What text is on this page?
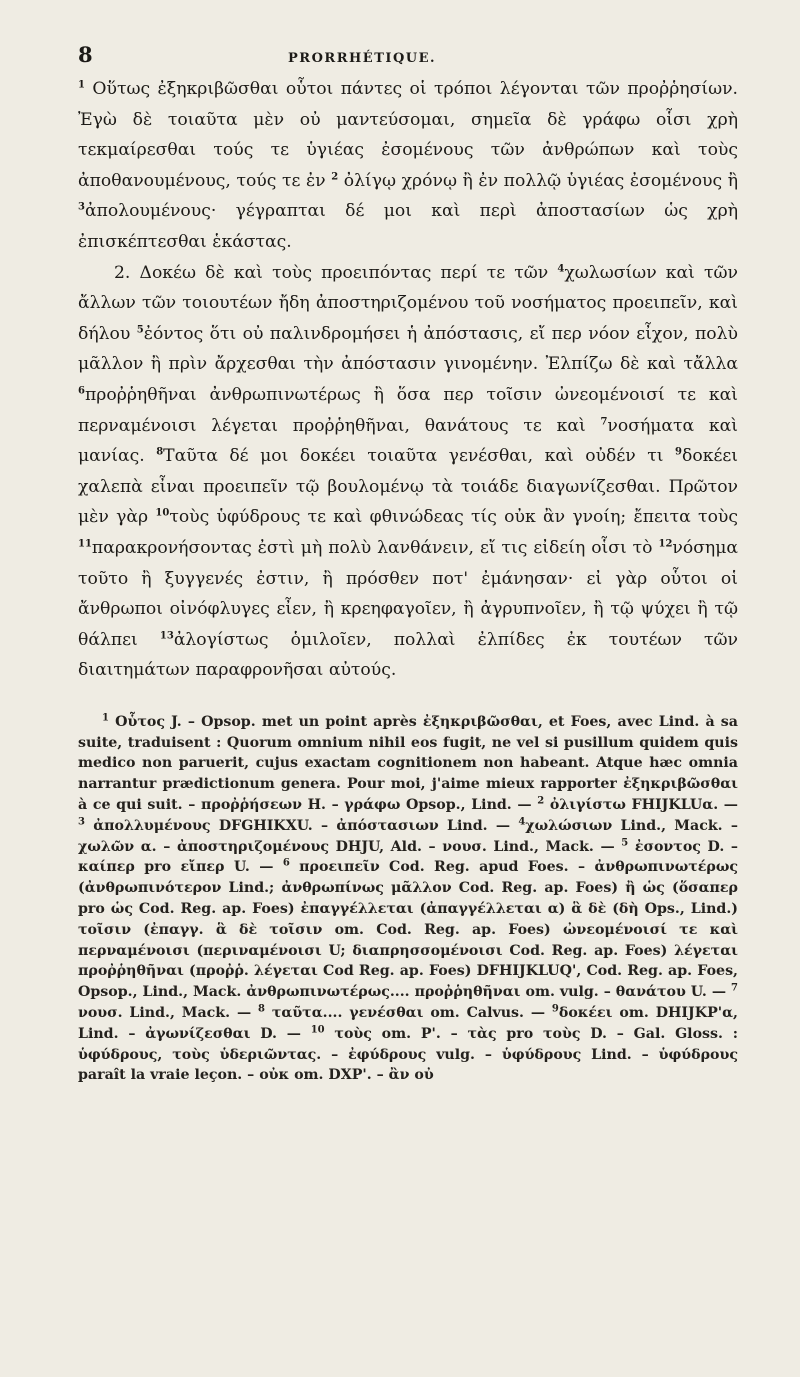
8	PRORRHÉTIQUE.

$^1$ Οὕτως ἐξηκριβῶσθαι οὗτοι πάντες οἱ τρόποι λέγονται τῶν προῤῥησίων. Ἐγὼ δὲ τοιαῦτα μὲν οὐ μαντεύσομαι, σημεῖα δὲ γράφω οἷσι χρὴ τεκμαίρεσθαι τούς τε ὑγιέας ἐσομένους τῶν ἀνθρώπων καὶ τοὺς ἀποθανουμένους, τούς τε ἐν $^2$ ὀλίγῳ χρόνῳ ἢ ἐν πολλῷ ὑγιέας ἐσομένους ἢ $^3$ἀπολουμένους· γέγραπται δέ μοι καὶ περὶ ἀποστασίων ὡς χρὴ ἐπισκέπτεσθαι ἑκάστας.

2. Δοκέω δὲ καὶ τοὺς προειπόντας περί τε τῶν $^4$χωλωσίων καὶ τῶν ἄλλων τῶν τοιουτέων ἤδη ἀποστηριζομένου τοῦ νοσήματος προειπεῖν, καὶ δήλου $^5$ἐόντος ὅτι οὐ παλινδρομήσει ἡ ἀπόστασις, εἴ περ νόον εἶχον, πολὺ μᾶλλον ἢ πρὶν ἄρχεσθαι τὴν ἀπόστασιν γινομένην. Ἐλπίζω δὲ καὶ τἄλλα $^6$προῤῥηθῆναι ἀνθρωπινωτέρως ἢ ὅσα περ τοῖσιν ὠνεομένοισί τε καὶ περναμένοισι λέγεται προῤῥηθῆναι, θανάτους τε καὶ $^7$νοσήματα καὶ μανίας. $^8$Ταῦτα δέ μοι δοκέει τοιαῦτα γενέσθαι, καὶ οὐδέν τι $^9$δοκέει χαλεπὰ εἶναι προειπεῖν τῷ βουλομένῳ τὰ τοιάδε διαγωνίζεσθαι. Πρῶτον μὲν γὰρ $^{10}$τοὺς ὑφύδρους τε καὶ φθινώδεας τίς οὐκ ἂν γνοίη; ἔπειτα τοὺς $^{11}$παρακρονήσοντας ἐστὶ μὴ πολὺ λανθάνειν, εἴ τις εἰδείη οἷσι τὸ $^{12}$νόσημα τοῦτο ἢ ξυγγενές ἐστιν, ἢ πρόσθεν ποτ' ἐμάνησαν· εἰ γὰρ οὗτοι οἱ ἄνθρωποι οἰνόφλυγες εἶεν, ἢ κρεηφαγοῖεν, ἢ ἀγρυπνοῖεν, ἢ τῷ ψύχει ἢ τῷ θάλπει $^{13}$ἀλογίστως ὁμιλοῖεν, πολλαὶ ἐλπίδες ἐκ τουτέων τῶν διαιτημάτων παραφρονῆσαι αὐτούς.

$^1$ Οὗτος J. – Opsop. met un point après ἐξηκριβῶσθαι, et Foes, avec Lind. à sa suite, traduisent : Quorum omnium nihil eos fugit, ne vel si pusillum quidem quis medico non paruerit, cujus exactam cognitionem non habeant. Atque hæc omnia narrantur prædictionum genera. Pour moi, j'aime mieux rapporter ἐξηκριβῶσθαι à ce qui suit. – προῤῥήσεων H. – γράφω Opsop., Lind. — $^2$ ὀλιγίστω FHIJKLUα. — $^3$ ἀπολλυμένους DFGHIKXU. – ἀπόστασιων Lind. — $^4$χωλώσιων Lind., Mack. – χωλῶν α. – ἀποστηριζομένους DHJU, Ald. – νουσ. Lind., Mack. — $^5$ ἐσοντος D. – καίπερ pro εἴπερ U. — $^6$ προειπεῖν Cod. Reg. apud Foes. – ἀνθρωπινωτέρως (ἀνθρωπινότερον Lind.; ἀνθρωπίνως μᾶλλον Cod. Reg. ap. Foes) ἢ ὡς (ὅσαπερ pro ὡς Cod. Reg. ap. Foes) ἐπαγγέλλεται (ἀπαγγέλλεται α) ἃ δὲ (δὴ Ops., Lind.) τοῖσιν (ἐπαγγ. ἃ δὲ τοῖσιν om. Cod. Reg. ap. Foes) ὠνεομένοισί τε καὶ περναμένοισι (περιναμένοισι U; διαπρησσομένοισι Cod. Reg. ap. Foes) λέγεται προῤῥηθῆναι (προῤῥ. λέγεται Cod Reg. ap. Foes) DFHIJKLUQ', Cod. Reg. ap. Foes, Opsop., Lind., Mack. ἀνθρωπινωτέρως.... προῤῥηθῆναι om. vulg. – θανάτου U. — $^7$ νουσ. Lind., Mack. — $^8$ ταῦτα.... γενέσθαι om. Calvus. — $^9$δοκέει om. DHIJKP'α, Lind. – ἀγωνίζεσθαι D. — $^{10}$ τοὺς om. P'. – τὰς pro τοὺς D. – Gal. Gloss. : ὑφύδρους, τοὺς ὑδεριῶντας. – ἐφύδρους vulg. – ὑφύδρους Lind. – ὑφύδρους paraît la vraie leçon. – οὐκ om. DXP'. – ἂν οὐ
